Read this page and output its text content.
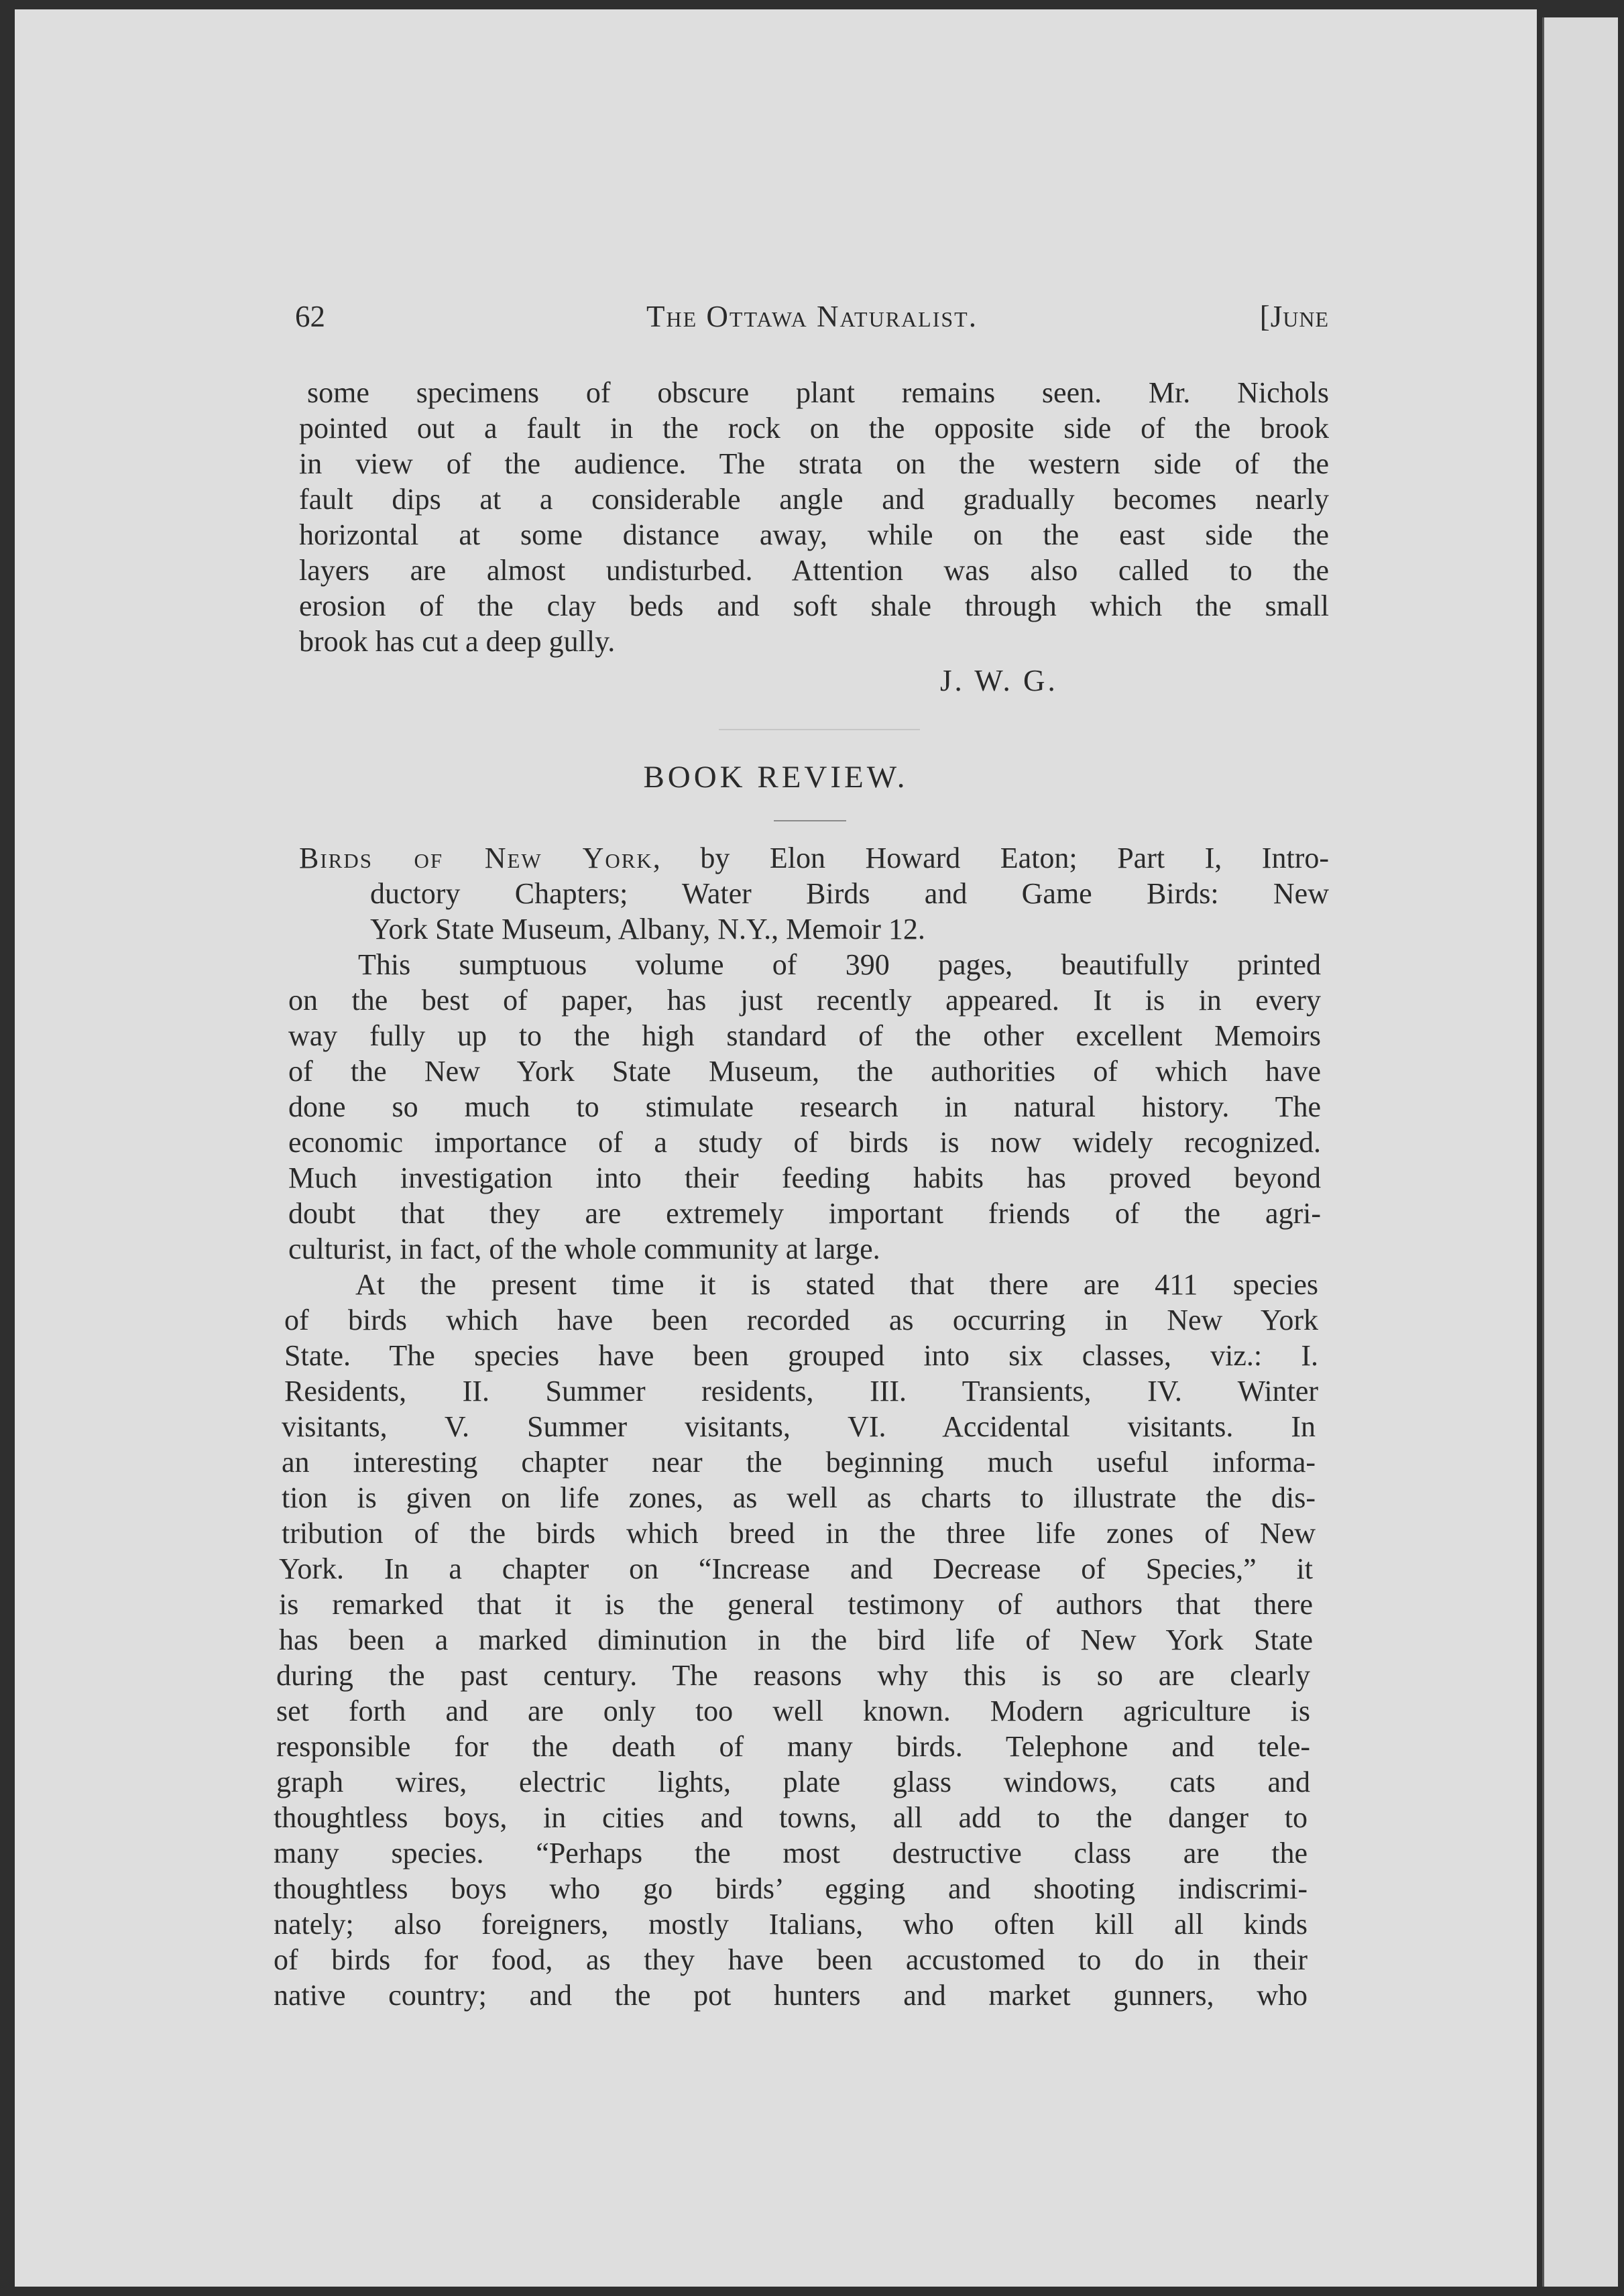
62	The Ottawa Naturalist.	[June
some specimens of obscure plant remains seen. Mr. Nichols
pointed out a fault in the rock on the opposite side of the brook
in view of the audience. The strata on the western side of the
fault dips at a considerable angle and gradually becomes nearly
horizontal at some distance away, while on the east side the
layers are almost undisturbed. Attention was also called to the
erosion of the clay beds and soft shale through which the small
brook has cut a deep gully.
J. W. G.
BOOK REVIEW.
Birds of New York, by Elon Howard Eaton; Part I, Intro-
ductory Chapters; Water Birds and Game Birds: New
York State Museum, Albany, N.Y., Memoir 12.
This sumptuous volume of 390 pages, beautifully printed
on the best of paper, has just recently appeared. It is in every
way fully up to the high standard of the other excellent Memoirs
of the New York State Museum, the authorities of which have
done so much to stimulate research in natural history. The
economic importance of a study of birds is now widely recognized.
Much investigation into their feeding habits has proved beyond
doubt that they are extremely important friends of the agri-
culturist, in fact, of the whole community at large.
At the present time it is stated that there are 411 species
of birds which have been recorded as occurring in New York
State. The species have been grouped into six classes, viz.: I.
Residents, II. Summer residents, III. Transients, IV. Winter
visitants, V. Summer visitants, VI. Accidental visitants. In
an interesting chapter near the beginning much useful informa-
tion is given on life zones, as well as charts to illustrate the dis-
tribution of the birds which breed in the three life zones of New
York. In a chapter on “Increase and Decrease of Species,” it
is remarked that it is the general testimony of authors that there
has been a marked diminution in the bird life of New York State
during the past century. The reasons why this is so are clearly
set forth and are only too well known. Modern agriculture is
responsible for the death of many birds. Telephone and tele-
graph wires, electric lights, plate glass windows, cats and
thoughtless boys, in cities and towns, all add to the danger to
many species. “Perhaps the most destructive class are the
thoughtless boys who go birds’ egging and shooting indiscrimi-
nately; also foreigners, mostly Italians, who often kill all kinds
of birds for food, as they have been accustomed to do in their
native country; and the pot hunters and market gunners, who
